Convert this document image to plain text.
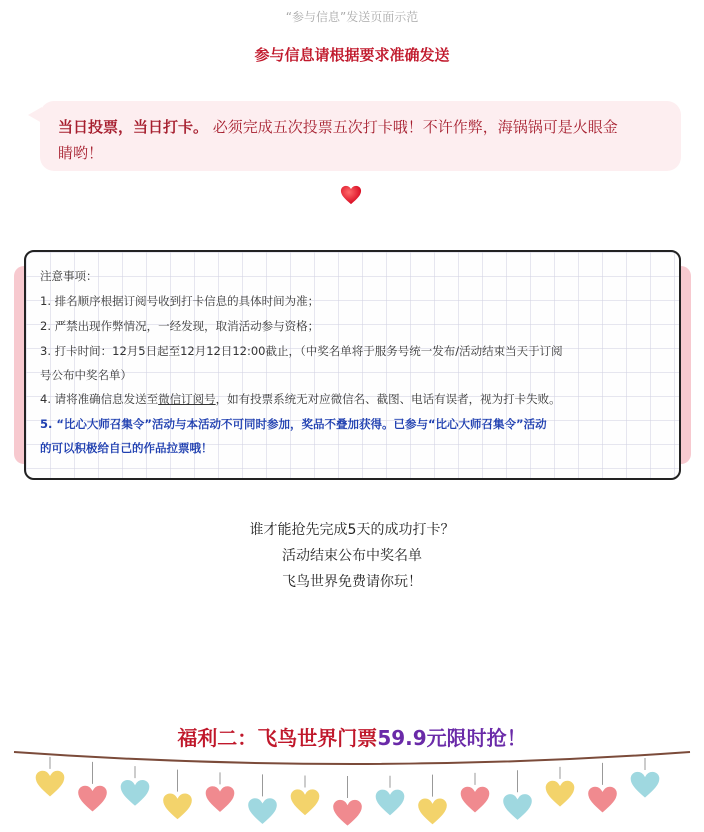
“参与信息”发送页面示范
参与信息请根据要求准确发送
当日投票，当日打卡。 必须完成五次投票五次打卡哦！不许作弊，海锅锅可是火眼金
睛哟！
注意事项：
1. 排名顺序根据订阅号收到打卡信息的具体时间为准；
2. 严禁出现作弊情况，一经发现，取消活动参与资格；
3. 打卡时间：12月5日起至12月12日12:00截止，（中奖名单将于服务号统一发布/活动结束当天于订阅
号公布中奖名单）
4. 请将准确信息发送至微信订阅号，如有投票系统无对应微信名、截图、电话有误者，视为打卡失败。
5. “比心大师召集令”活动与本活动不可同时参加，奖品不叠加获得。已参与“比心大师召集令”活动
的可以积极给自己的作品拉票哦！
谁才能抢先完成5天的成功打卡？
活动结束公布中奖名单
飞鸟世界免费请你玩！
福利二：飞鸟世界门票59.9元限时抢！
